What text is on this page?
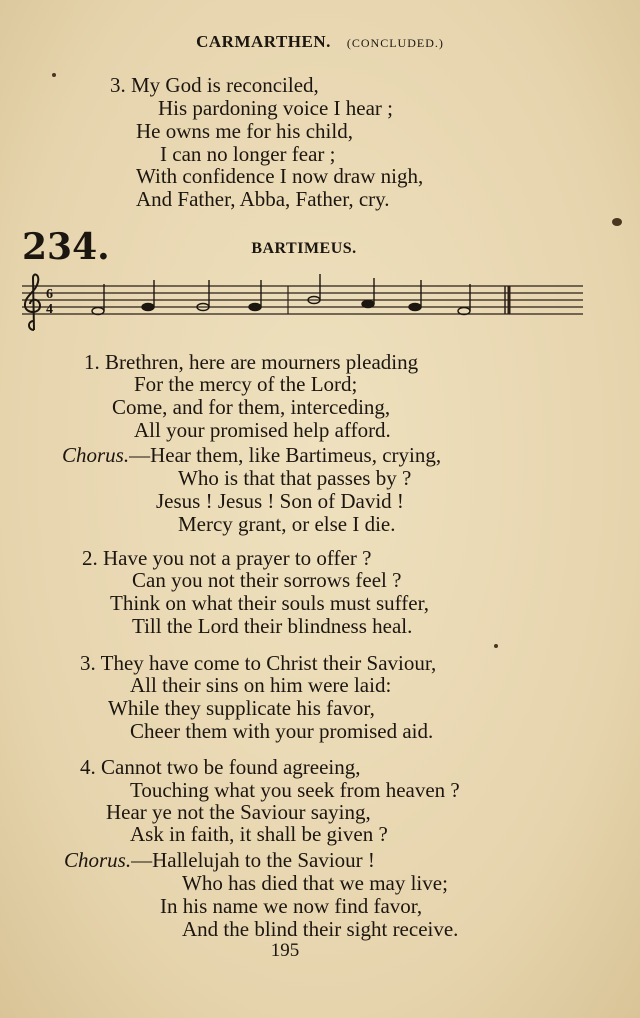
CARMARTHEN. (CONCLUDED.)
3. My God is reconciled,
His pardoning voice I hear ;
He owns me for his child,
I can no longer fear ;
With confidence I now draw nigh,
And Father, Abba, Father, cry.
234.	BARTIMEUS.
6
4
1. Brethren, here are mourners pleading
For the mercy of the Lord;
Come, and for them, interceding,
All your promised help afford.
Chorus.—Hear them, like Bartimeus, crying,
Who is that that passes by ?
Jesus ! Jesus ! Son of David !
Mercy grant, or else I die.
2. Have you not a prayer to offer ?
Can you not their sorrows feel ?
Think on what their souls must suffer,
Till the Lord their blindness heal.
3. They have come to Christ their Saviour,
All their sins on him were laid:
While they supplicate his favor,
Cheer them with your promised aid.
4. Cannot two be found agreeing,
Touching what you seek from heaven ?
Hear ye not the Saviour saying,
Ask in faith, it shall be given ?
Chorus.—Hallelujah to the Saviour !
Who has died that we may live;
In his name we now find favor,
And the blind their sight receive.
195
